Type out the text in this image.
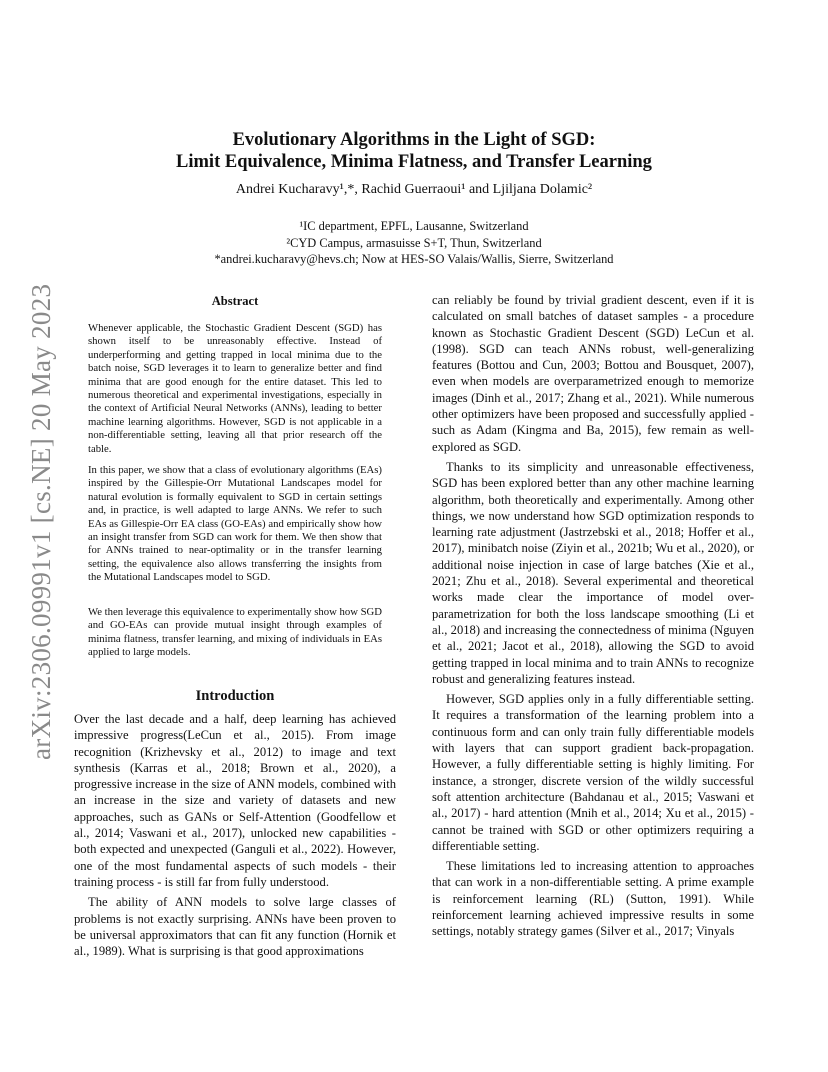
arXiv:2306.09991v1 [cs.NE] 20 May 2023
Evolutionary Algorithms in the Light of SGD:
Limit Equivalence, Minima Flatness, and Transfer Learning
Andrei Kucharavy¹,*, Rachid Guerraoui¹ and Ljiljana Dolamic²
¹IC department, EPFL, Lausanne, Switzerland
²CYD Campus, armasuisse S+T, Thun, Switzerland
*andrei.kucharavy@hevs.ch; Now at HES-SO Valais/Wallis, Sierre, Switzerland
Abstract

Whenever applicable, the Stochastic Gradient Descent (SGD) has shown itself to be unreasonably effective. Instead of underperforming and getting trapped in local minima due to the batch noise, SGD leverages it to learn to generalize better and find minima that are good enough for the entire dataset. This led to numerous theoretical and experimental investigations, especially in the context of Artificial Neural Networks (ANNs), leading to better machine learning algorithms. However, SGD is not applicable in a non-differentiable setting, leaving all that prior research off the table.

In this paper, we show that a class of evolutionary algorithms (EAs) inspired by the Gillespie-Orr Mutational Landscapes model for natural evolution is formally equivalent to SGD in certain settings and, in practice, is well adapted to large ANNs. We refer to such EAs as Gillespie-Orr EA class (GO-EAs) and empirically show how an insight transfer from SGD can work for them. We then show that for ANNs trained to near-optimality or in the transfer learning setting, the equivalence also allows transferring the insights from the Mutational Landscapes model to SGD.

We then leverage this equivalence to experimentally show how SGD and GO-EAs can provide mutual insight through examples of minima flatness, transfer learning, and mixing of individuals in EAs applied to large models.

Introduction

Over the last decade and a half, deep learning has achieved impressive progress(LeCun et al., 2015). From image recognition (Krizhevsky et al., 2012) to image and text synthesis (Karras et al., 2018; Brown et al., 2020), a progressive increase in the size of ANN models, combined with an increase in the size and variety of datasets and new approaches, such as GANs or Self-Attention (Goodfellow et al., 2014; Vaswani et al., 2017), unlocked new capabilities - both expected and unexpected (Ganguli et al., 2022). However, one of the most fundamental aspects of such models - their training process - is still far from fully understood.

The ability of ANN models to solve large classes of problems is not exactly surprising. ANNs have been proven to be universal approximators that can fit any function (Hornik et al., 1989). What is surprising is that good approximations

can reliably be found by trivial gradient descent, even if it is calculated on small batches of dataset samples - a procedure known as Stochastic Gradient Descent (SGD) LeCun et al. (1998). SGD can teach ANNs robust, well-generalizing features (Bottou and Cun, 2003; Bottou and Bousquet, 2007), even when models are overparametrized enough to memorize images (Dinh et al., 2017; Zhang et al., 2021). While numerous other optimizers have been proposed and successfully applied - such as Adam (Kingma and Ba, 2015), few remain as well-explored as SGD.

Thanks to its simplicity and unreasonable effectiveness, SGD has been explored better than any other machine learning algorithm, both theoretically and experimentally. Among other things, we now understand how SGD optimization responds to learning rate adjustment (Jastrzebski et al., 2018; Hoffer et al., 2017), minibatch noise (Ziyin et al., 2021b; Wu et al., 2020), or additional noise injection in case of large batches (Xie et al., 2021; Zhu et al., 2018). Several experimental and theoretical works made clear the importance of model over-parametrization for both the loss landscape smoothing (Li et al., 2018) and increasing the connectedness of minima (Nguyen et al., 2021; Jacot et al., 2018), allowing the SGD to avoid getting trapped in local minima and to train ANNs to recognize robust and generalizing features instead.

However, SGD applies only in a fully differentiable setting. It requires a transformation of the learning problem into a continuous form and can only train fully differentiable models with layers that can support gradient back-propagation. However, a fully differentiable setting is highly limiting. For instance, a stronger, discrete version of the wildly successful soft attention architecture (Bahdanau et al., 2015; Vaswani et al., 2017) - hard attention (Mnih et al., 2014; Xu et al., 2015) - cannot be trained with SGD or other optimizers requiring a differentiable setting.

These limitations led to increasing attention to approaches that can work in a non-differentiable setting. A prime example is reinforcement learning (RL) (Sutton, 1991). While reinforcement learning achieved impressive results in some settings, notably strategy games (Silver et al., 2017; Vinyals
